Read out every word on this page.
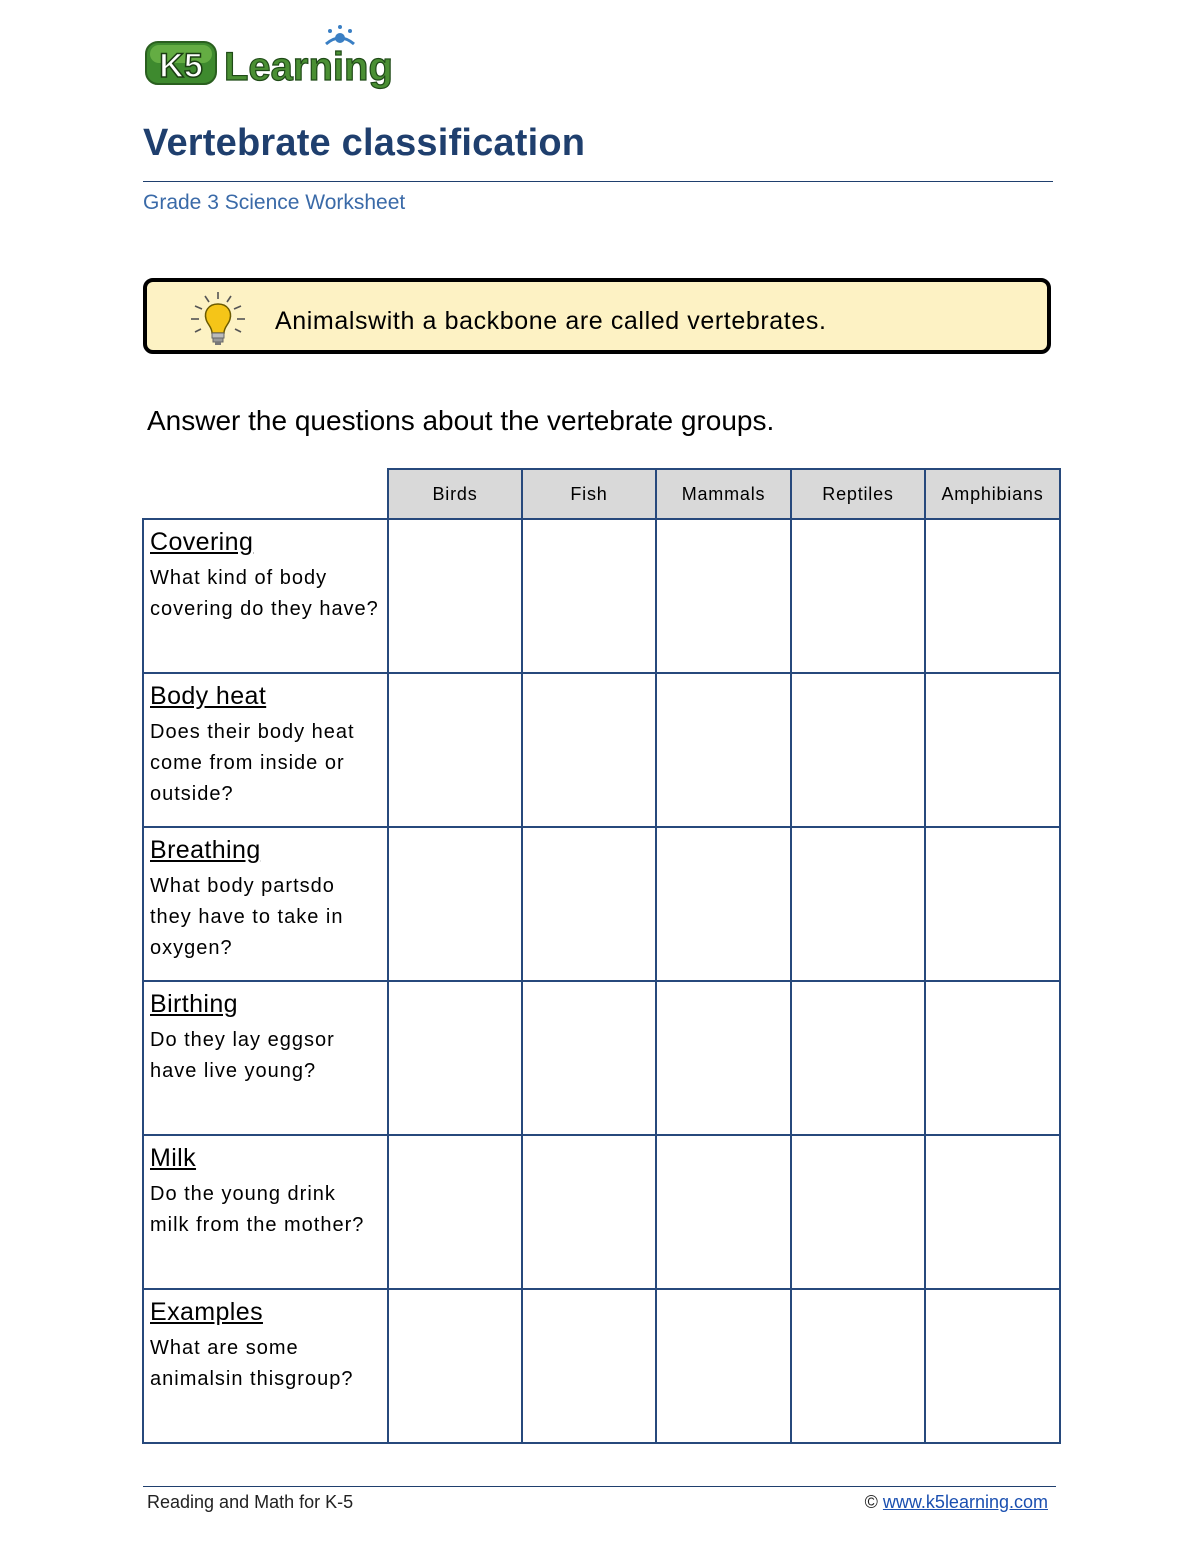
K5 Learning
Vertebrate classification
Grade 3 Science Worksheet
Animalswith a backbone are called vertebrates.
Answer the questions about the vertebrate groups.
	Birds	Fish	Mammals	Reptiles	Amphibians

Covering
What kind of body covering do they have?					

Body heat
Does their body heat come from inside or outside?					

Breathing
What body partsdo they have to take in oxygen?					

Birthing
Do they lay eggsor have live young?					

Milk
Do the young drink milk from the mother?					

Examples
What are some animalsin thisgroup?					

Reading and Math for K-5	© www.k5learning.com
